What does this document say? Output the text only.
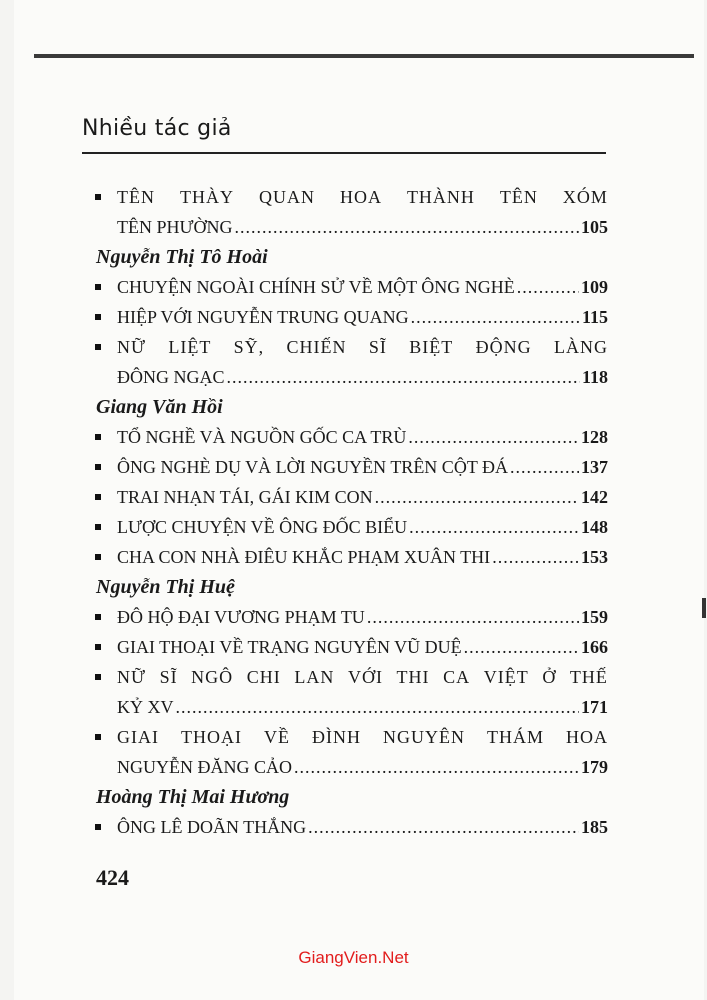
Nhiều tác giả
TÊN THÀY QUAN HOA THÀNH TÊN XÓM
TÊN PHƯỜNG .....	105
Nguyễn Thị Tô Hoài
CHUYỆN NGOÀI CHÍNH SỬ VỀ MỘT ÔNG NGHÈ .....	109
HIỆP VỚI NGUYỄN TRUNG QUANG .....	115
NỮ LIỆT SỸ, CHIẾN SĨ BIỆT ĐỘNG LÀNG
ĐÔNG NGẠC .....	118
Giang Văn Hồi
TỔ NGHỀ VÀ NGUỒN GỐC CA TRÙ .....	128
ÔNG NGHÈ DỤ VÀ LỜI NGUYỀN TRÊN CỘT ĐÁ .....	137
TRAI NHẠN TÁI, GÁI KIM CON .....	142
LƯỢC CHUYỆN VỀ ÔNG ĐỐC BIỂU .....	148
CHA CON NHÀ ĐIÊU KHẮC PHẠM XUÂN THI .....	153
Nguyễn Thị Huệ
ĐÔ HỘ ĐẠI VƯƠNG PHẠM TU .....	159
GIAI THOẠI VỀ TRẠNG NGUYÊN VŨ DUỆ .....	166
NỮ SĨ NGÔ CHI LAN VỚI THI CA VIỆT Ở THẾ
KỶ XV .....	171
GIAI THOẠI VỀ ĐÌNH NGUYÊN THÁM HOA
NGUYỄN ĐĂNG CẢO .....	179
Hoàng Thị Mai Hương
ÔNG LÊ DOÃN THẮNG .....	185
424
GiangVien.Net
